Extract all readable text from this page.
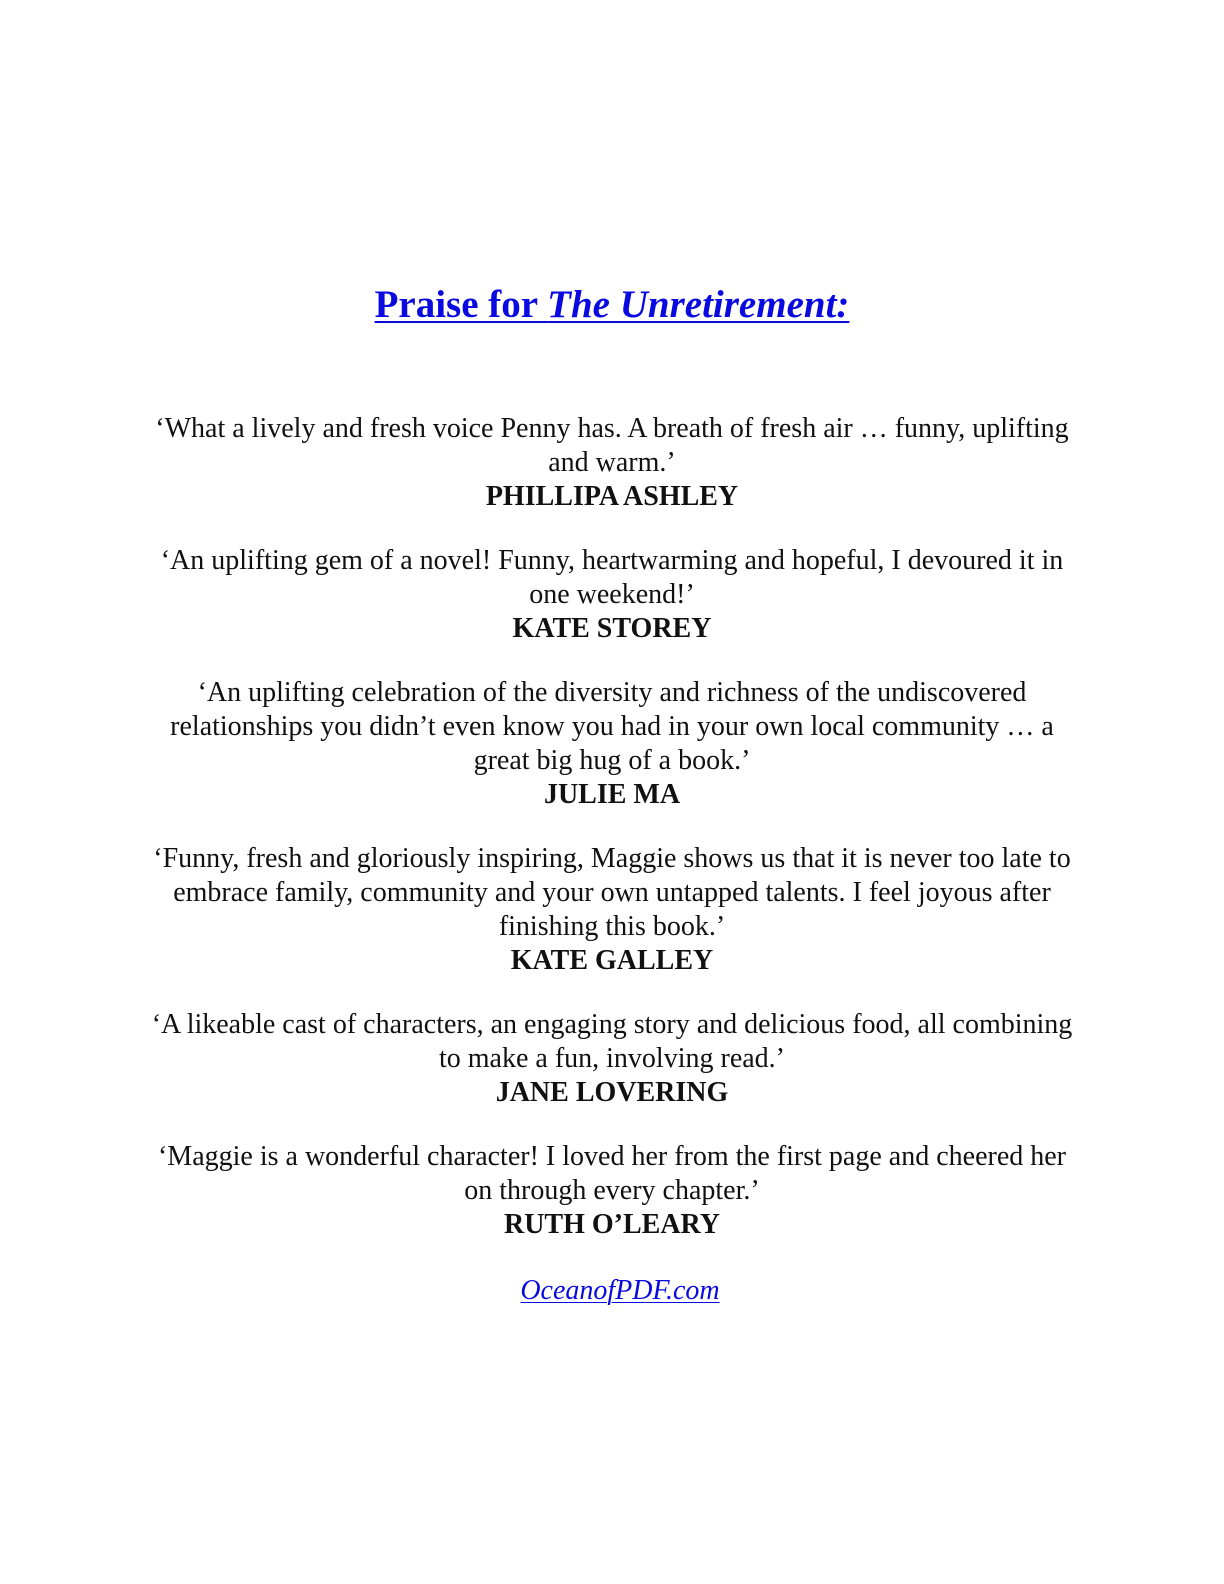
Praise for The Unretirement:
‘What a lively and fresh voice Penny has. A breath of fresh air … funny, uplifting and warm.’
PHILLIPA ASHLEY
‘An uplifting gem of a novel! Funny, heartwarming and hopeful, I devoured it in one weekend!’
KATE STOREY
‘An uplifting celebration of the diversity and richness of the undiscovered relationships you didn’t even know you had in your own local community … a great big hug of a book.’
JULIE MA
‘Funny, fresh and gloriously inspiring, Maggie shows us that it is never too late to embrace family, community and your own untapped talents. I feel joyous after finishing this book.’
KATE GALLEY
‘A likeable cast of characters, an engaging story and delicious food, all combining to make a fun, involving read.’
JANE LOVERING
‘Maggie is a wonderful character! I loved her from the first page and cheered her on through every chapter.’
RUTH O’LEARY
OceanofPDF.com
